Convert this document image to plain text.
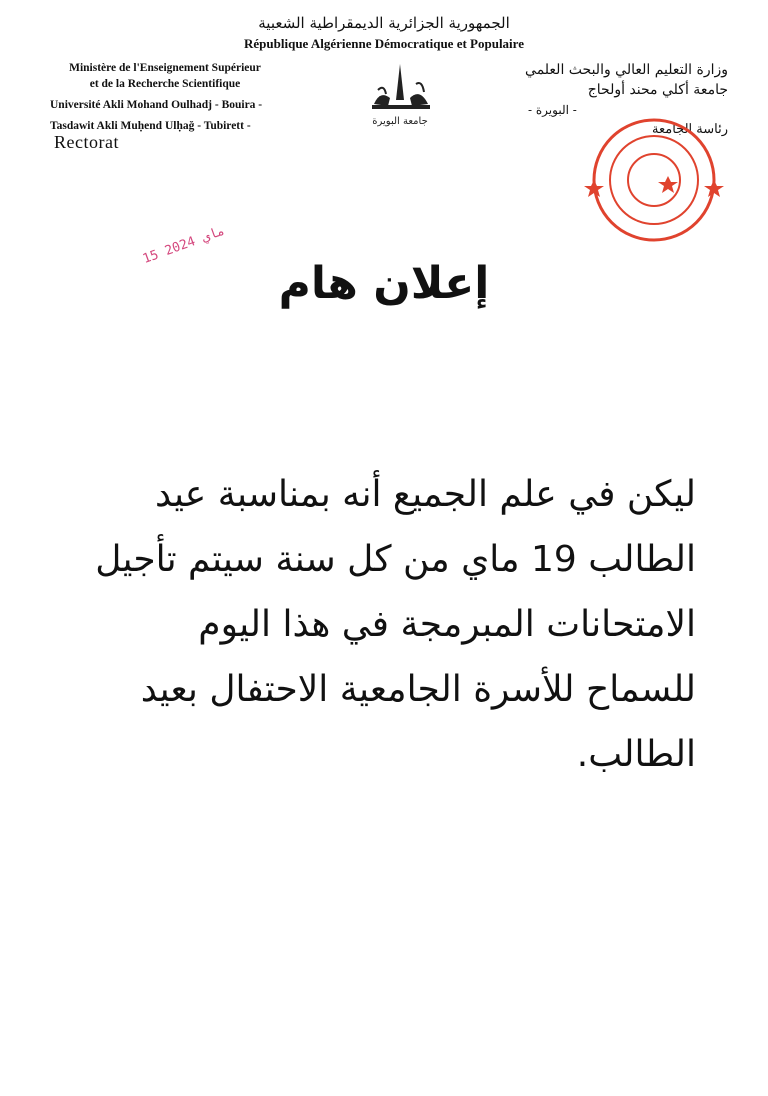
الجمهورية الجزائرية الديمقراطية الشعبية
République Algérienne Démocratique et Populaire
Ministère de l'Enseignement Supérieur
et de la Recherche Scientifique
Université Akli Mohand Oulhadj - Bouira -
Tasdawit Akli Muḥend Ulḥağ - Tubirett -
Rectorat
جامعة البويرة
وزارة التعليم العالي والبحث العلمي
جامعة أكلي محند أولحاج
- البويرة -
رئاسة الجامعة
15 ماي 2024
إعلان هام
ليكن في علم الجميع أنه بمناسبة عيد
الطالب 19 ماي من كل سنة سيتم تأجيل
الامتحانات المبرمجة في هذا اليوم
للسماح للأسرة الجامعية الاحتفال بعيد
الطالب.
